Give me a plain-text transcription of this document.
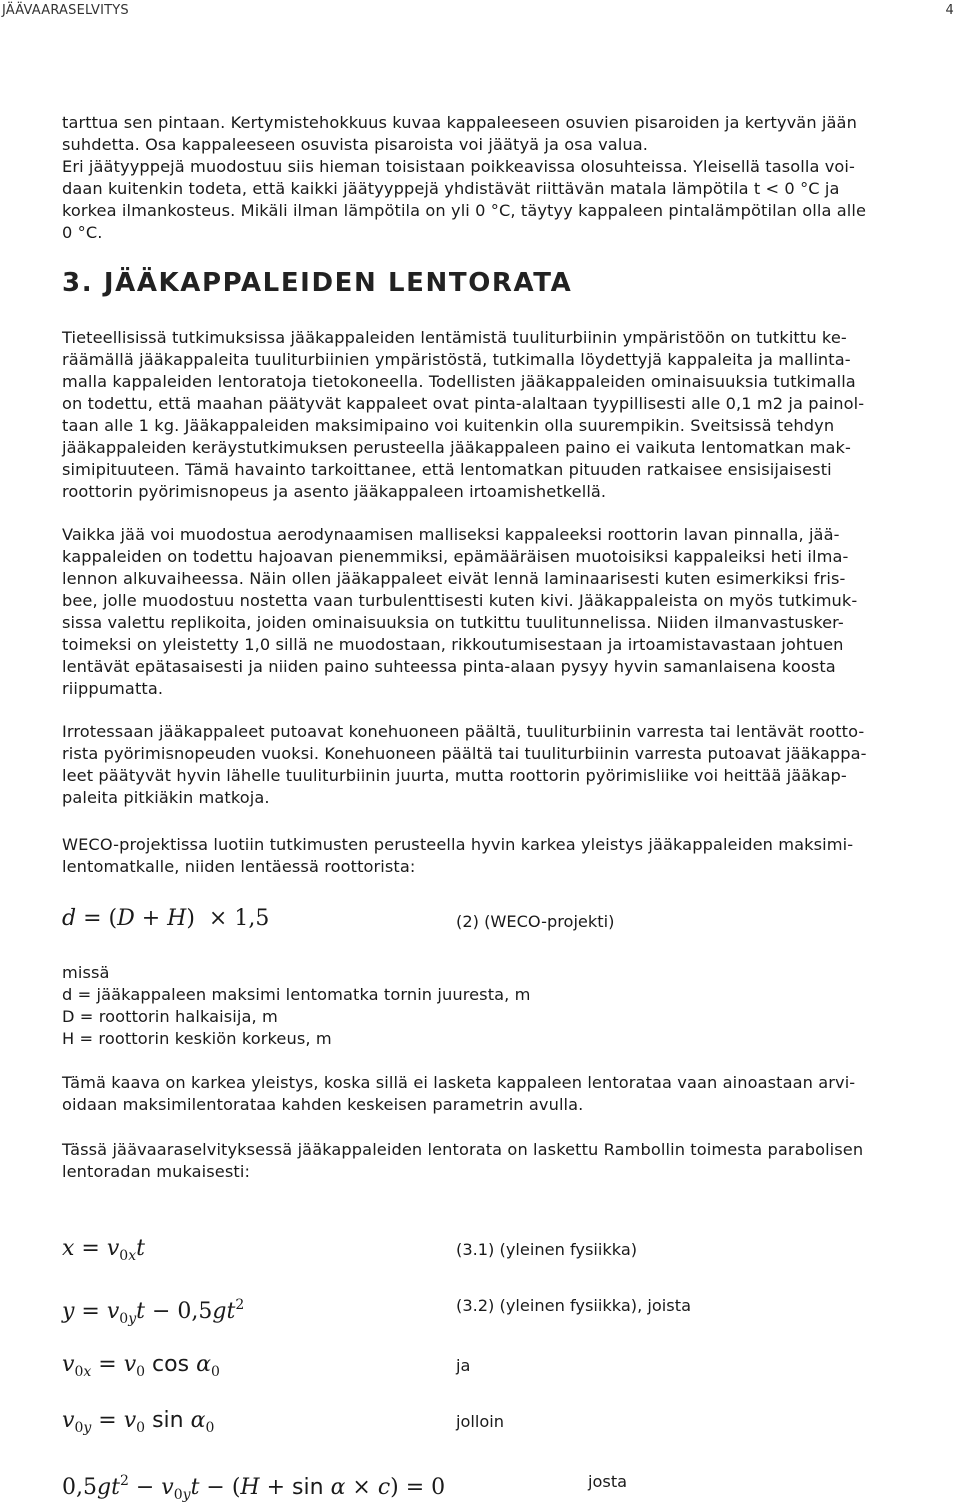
JÄÄVAARASELVITYS	4
tarttua sen pintaan. Kertymistehokkuus kuvaa kappaleeseen osuvien pisaroiden ja kertyvän jään
suhdetta. Osa kappaleeseen osuvista pisaroista voi jäätyä ja osa valua.
Eri jäätyyppejä muodostuu siis hieman toisistaan poikkeavissa olosuhteissa. Yleisellä tasolla voi-
daan kuitenkin todeta, että kaikki jäätyyppejä yhdistävät riittävän matala lämpötila t < 0 °C ja
korkea ilmankosteus. Mikäli ilman lämpötila on yli 0 °C, täytyy kappaleen pintalämpötilan olla alle
0 °C.
3. JÄÄKAPPALEIDEN LENTORATA
Tieteellisissä tutkimuksissa jääkappaleiden lentämistä tuuliturbiinin ympäristöön on tutkittu ke-
räämällä jääkappaleita tuuliturbiinien ympäristöstä, tutkimalla löydettyjä kappaleita ja mallinta-
malla kappaleiden lentoratoja tietokoneella. Todellisten jääkappaleiden ominaisuuksia tutkimalla
on todettu, että maahan päätyvät kappaleet ovat pinta-alaltaan tyypillisesti alle 0,1 m2 ja painol-
taan alle 1 kg. Jääkappaleiden maksimipaino voi kuitenkin olla suurempikin. Sveitsissä tehdyn
jääkappaleiden keräystutkimuksen perusteella jääkappaleen paino ei vaikuta lentomatkan mak-
simipituuteen. Tämä havainto tarkoittanee, että lentomatkan pituuden ratkaisee ensisijaisesti
roottorin pyörimisnopeus ja asento jääkappaleen irtoamishetkellä.
Vaikka jää voi muodostua aerodynaamisen malliseksi kappaleeksi roottorin lavan pinnalla, jää-
kappaleiden on todettu hajoavan pienemmiksi, epämääräisen muotoisiksi kappaleiksi heti ilma-
lennon alkuvaiheessa. Näin ollen jääkappaleet eivät lennä laminaarisesti kuten esimerkiksi fris-
bee, jolle muodostuu nostetta vaan turbulenttisesti kuten kivi. Jääkappaleista on myös tutkimuk-
sissa valettu replikoita, joiden ominaisuuksia on tutkittu tuulitunnelissa. Niiden ilmanvastusker-
toimeksi on yleistetty 1,0 sillä ne muodostaan, rikkoutumisestaan ja irtoamistavastaan johtuen
lentävät epätasaisesti ja niiden paino suhteessa pinta-alaan pysyy hyvin samanlaisena koosta
riippumatta.
Irrotessaan jääkappaleet putoavat konehuoneen päältä, tuuliturbiinin varresta tai lentävät rootto-
rista pyörimisnopeuden vuoksi. Konehuoneen päältä tai tuuliturbiinin varresta putoavat jääkappa-
leet päätyvät hyvin lähelle tuuliturbiinin juurta, mutta roottorin pyörimisliike voi heittää jääkap-
paleita pitkiäkin matkoja.
WECO-projektissa luotiin tutkimusten perusteella hyvin karkea yleistys jääkappaleiden maksimi-
lentomatkalle, niiden lentäessä roottorista:
d = (D + H)  × 1,5	(2) (WECO-projekti)
missä
d = jääkappaleen maksimi lentomatka tornin juuresta, m
D = roottorin halkaisija, m
H = roottorin keskiön korkeus, m
Tämä kaava on karkea yleistys, koska sillä ei lasketa kappaleen lentorataa vaan ainoastaan arvi-
oidaan maksimilentorataa kahden keskeisen parametrin avulla.
Tässä jäävaaraselvityksessä jääkappaleiden lentorata on laskettu Rambollin toimesta parabolisen
lentoradan mukaisesti:
$x = v_{0x}t$	(3.1) (yleinen fysiikka)
$y = v_{0y}t - 0,5gt^2$	(3.2) (yleinen fysiikka), joista
$v_{0x} = v_0$ $\cos \alpha_0$	ja
$v_{0y} = v_0$ $\sin \alpha_0$	jolloin
$0,5gt^2 - v_{0y}t - (H + \sin \alpha \times c) = 0$	josta
